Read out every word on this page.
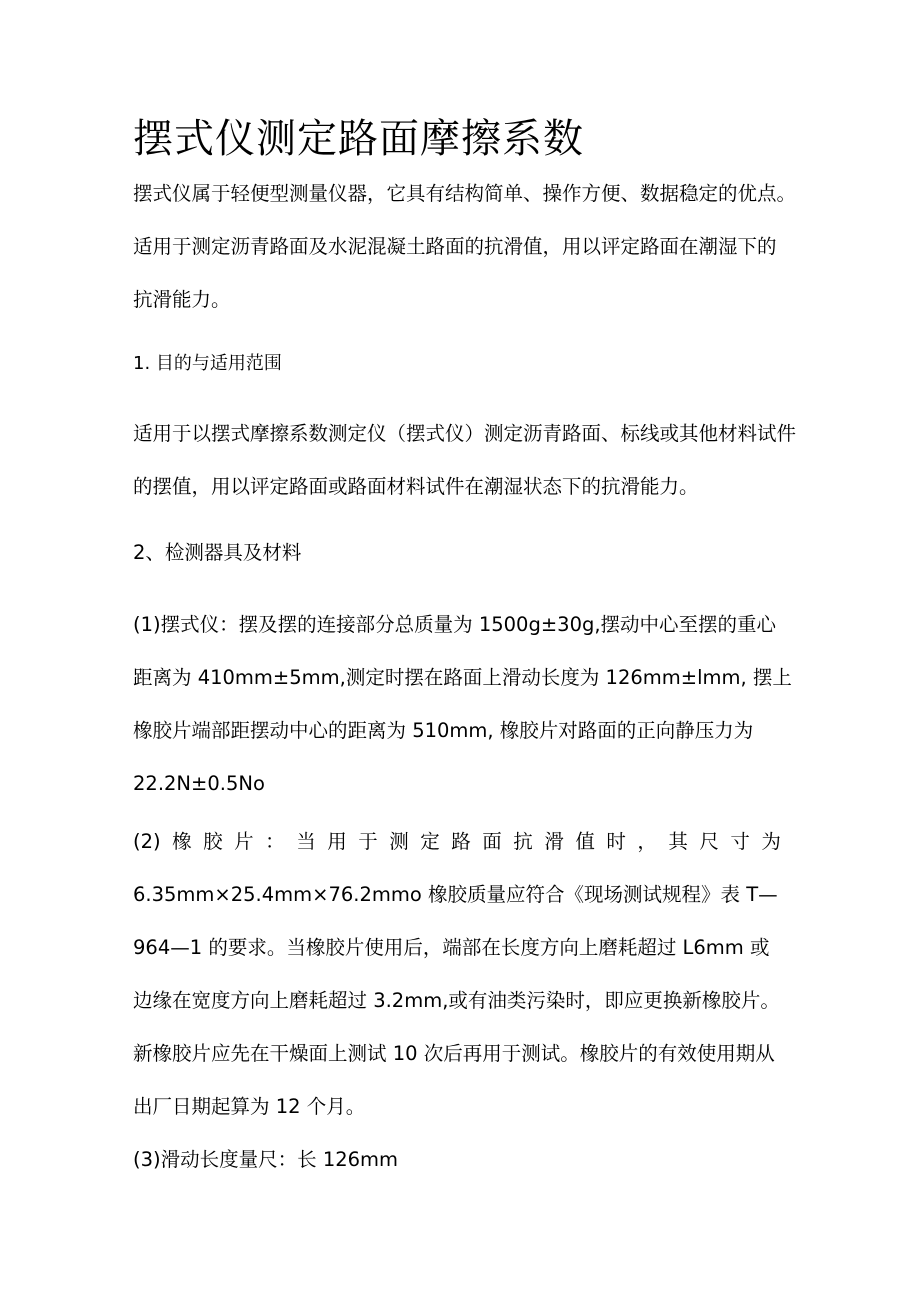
摆式仪测定路面摩擦系数
摆式仪属于轻便型测量仪器，它具有结构简单、操作方便、数据稳定的优点。
适用于测定沥青路面及水泥混凝土路面的抗滑值，用以评定路面在潮湿下的
抗滑能力。
1. 目的与适用范围
适用于以摆式摩擦系数测定仪（摆式仪）测定沥青路面、标线或其他材料试件
的摆值，用以评定路面或路面材料试件在潮湿状态下的抗滑能力。
2、检测器具及材料
(1)摆式仪：摆及摆的连接部分总质量为 1500g±30g,摆动中心至摆的重心
距离为 410mm±5mm,测定时摆在路面上滑动长度为 126mm±lmm, 摆上
橡胶片端部距摆动中心的距离为 510mm, 橡胶片对路面的正向静压力为
22.2N±0.5No
(2) 橡 胶 片 ： 当 用 于 测 定 路 面 抗 滑 值 时 ， 其 尺 寸 为
6.35mm×25.4mm×76.2mmo 橡胶质量应符合《现场测试规程》表 T—
964—1 的要求。当橡胶片使用后，端部在长度方向上磨耗超过 L6mm 或
边缘在宽度方向上磨耗超过 3.2mm,或有油类污染时，即应更换新橡胶片。
新橡胶片应先在干燥面上测试 10 次后再用于测试。橡胶片的有效使用期从
出厂日期起算为 12 个月。
(3)滑动长度量尺：长 126mm
